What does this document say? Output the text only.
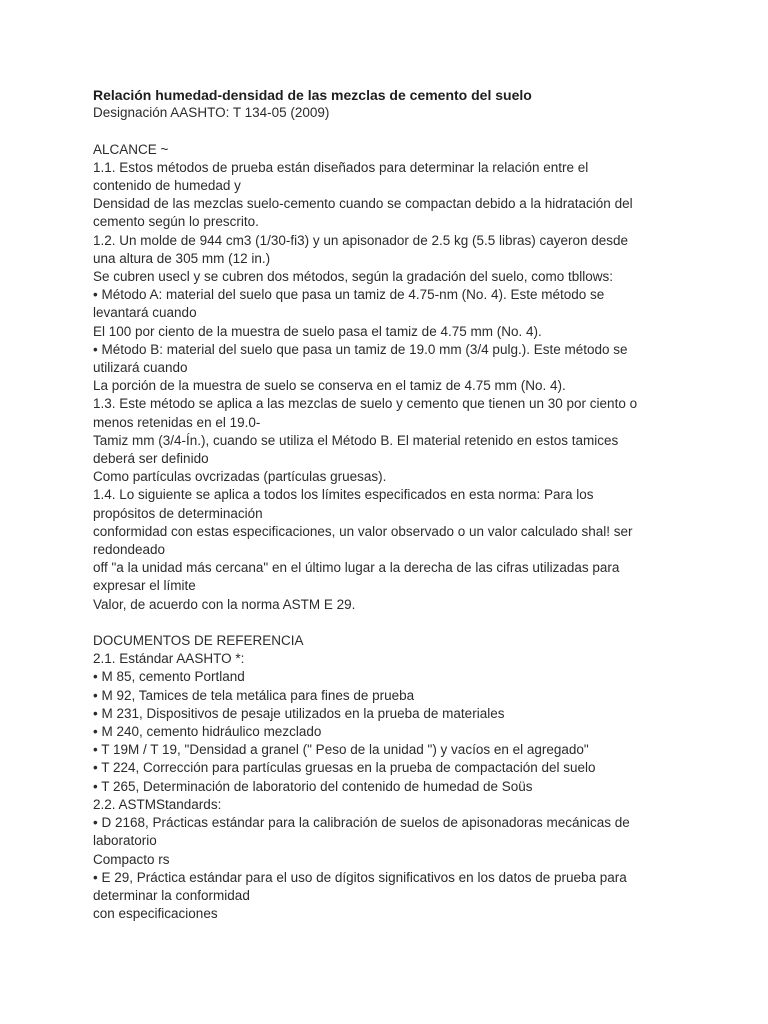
Relación humedad-densidad de las mezclas de cemento del suelo
Designación AASHTO: T 134-05 (2009)
ALCANCE ~
1.1. Estos métodos de prueba están diseñados para determinar la relación entre el
contenido de humedad y
Densidad de las mezclas suelo-cemento cuando se compactan debido a la hidratación del
cemento según lo prescrito.
1.2. Un molde de 944 cm3 (1/30-fi3) y un apisonador de 2.5 kg (5.5 libras) cayeron desde
una altura de 305 mm (12 in.)
Se cubren usecl y se cubren dos métodos, según la gradación del suelo, como tbllows:
• Método A: material del suelo que pasa un tamiz de 4.75-nm (No. 4). Este método se
levantará cuando
El 100 por ciento de la muestra de suelo pasa el tamiz de 4.75 mm (No. 4).
• Método B: material del suelo que pasa un tamiz de 19.0 mm (3/4 pulg.). Este método se
utilizará cuando
La porción de la muestra de suelo se conserva en el tamiz de 4.75 mm (No. 4).
1.3. Este método se aplica a las mezclas de suelo y cemento que tienen un 30 por ciento o
menos retenidas en el 19.0-
Tamiz mm (3/4-Ín.), cuando se utiliza el Método B. El material retenido en estos tamices
deberá ser definido
Como partículas ovcrizadas (partículas gruesas).
1.4. Lo siguiente se aplica a todos los límites especificados en esta norma: Para los
propósitos de determinación
conformidad con estas especificaciones, un valor observado o un valor calculado shal! ser
redondeado
off "a la unidad más cercana" en el último lugar a la derecha de las cifras utilizadas para
expresar el límite
Valor, de acuerdo con la norma ASTM E 29.
DOCUMENTOS DE REFERENCIA
2.1. Estándar AASHTO *:
• M 85, cemento Portland
• M 92, Tamices de tela metálica para fines de prueba
• M 231, Dispositivos de pesaje utilizados en la prueba de materiales
• M 240, cemento hidráulico mezclado
• T 19M / T 19, "Densidad a granel (" Peso de la unidad ") y vacíos en el agregado"
• T 224, Corrección para partículas gruesas en la prueba de compactación del suelo
• T 265, Determinación de laboratorio del contenido de humedad de Soüs
2.2. ASTMStandards:
• D 2168, Prácticas estándar para la calibración de suelos de apisonadoras mecánicas de
laboratorio
Compacto rs
• E 29, Práctica estándar para el uso de dígitos significativos en los datos de prueba para
determinar la conformidad
con especificaciones
